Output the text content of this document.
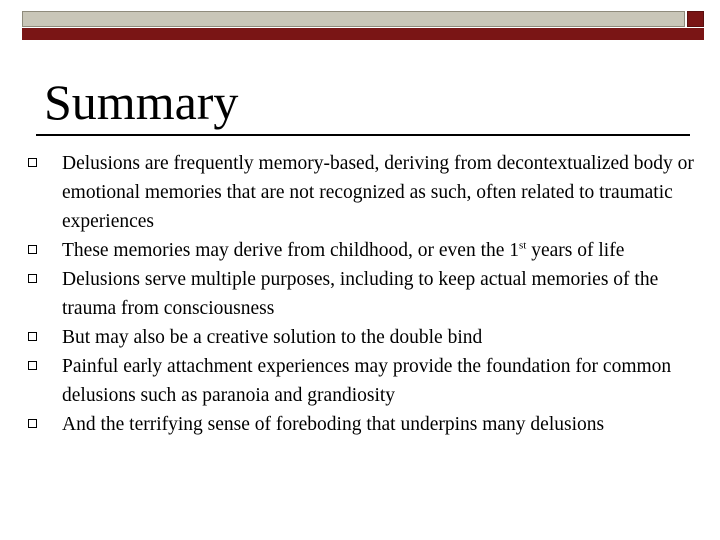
Summary
Delusions are frequently memory-based, deriving from decontextualized body or emotional memories that are not recognized as such, often related to traumatic experiences
These memories may derive from childhood, or even the 1st years of life
Delusions serve multiple purposes, including to keep actual memories of the trauma from consciousness
But may also be a creative solution to the double bind
Painful early attachment experiences may provide the foundation for common delusions such as paranoia and grandiosity
And the terrifying sense of foreboding that underpins many delusions
